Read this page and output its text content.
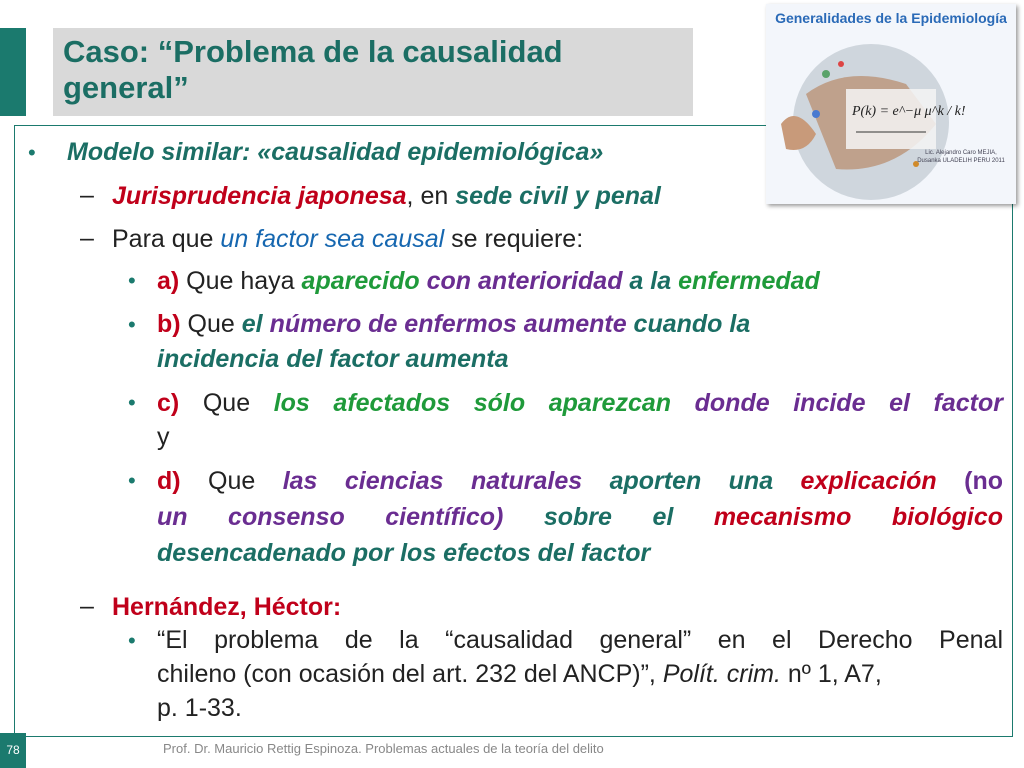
Caso: “Problema de la causalidad general”
Generalidades de la Epidemiología
P(k) = e^−μ μ^k / k!
Lic. Alejandro Caro MEJIA, Dusanka ULADELIH PERU 2011
• Modelo similar: «causalidad epidemiológica»
– Jurisprudencia japonesa, en sede civil y penal
– Para que un factor sea causal se requiere:
• a) Que haya aparecido con anterioridad a la enfermedad
• b) Que el número de enfermos aumente cuando la
incidencia del factor aumenta
• c) Que los afectados sólo aparezcan donde incide el factor
y
• d) Que las ciencias naturales aporten una explicación (no
un consenso científico) sobre el mecanismo biológico
desencadenado por los efectos del factor
– Hernández, Héctor:
• “El problema de la “causalidad general” en el Derecho Penal
chileno (con ocasión del art. 232 del ANCP)”, Polít. crim. nº 1, A7,
p. 1-33.
78	Prof. Dr. Mauricio Rettig Espinoza. Problemas actuales de la teoría del delito
